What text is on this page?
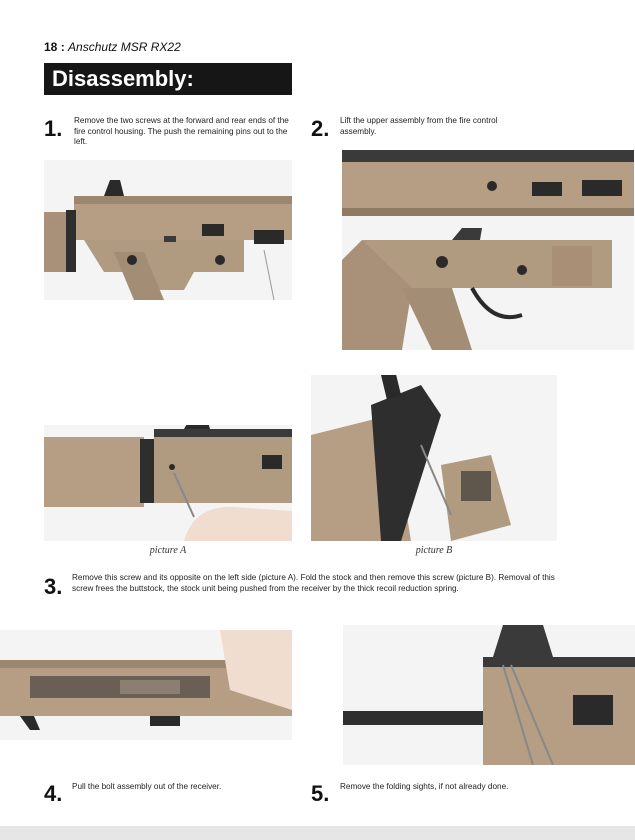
18 : Anschutz MSR RX22
Disassembly:
1. Remove the two screws at the forward and rear ends of the fire control housing. The push the remaining pins out to the left.
2. Lift the upper assembly from the fire control assembly.
picture A	picture B
3. Remove this screw and its opposite on the left side (picture A). Fold the stock and then remove this screw (picture B). Removal of this screw frees the buttstock, the stock unit being pushed from the receiver by the thick recoil reduction spring.
4. Pull the bolt assembly out of the receiver.	5. Remove the folding sights, if not already done.
